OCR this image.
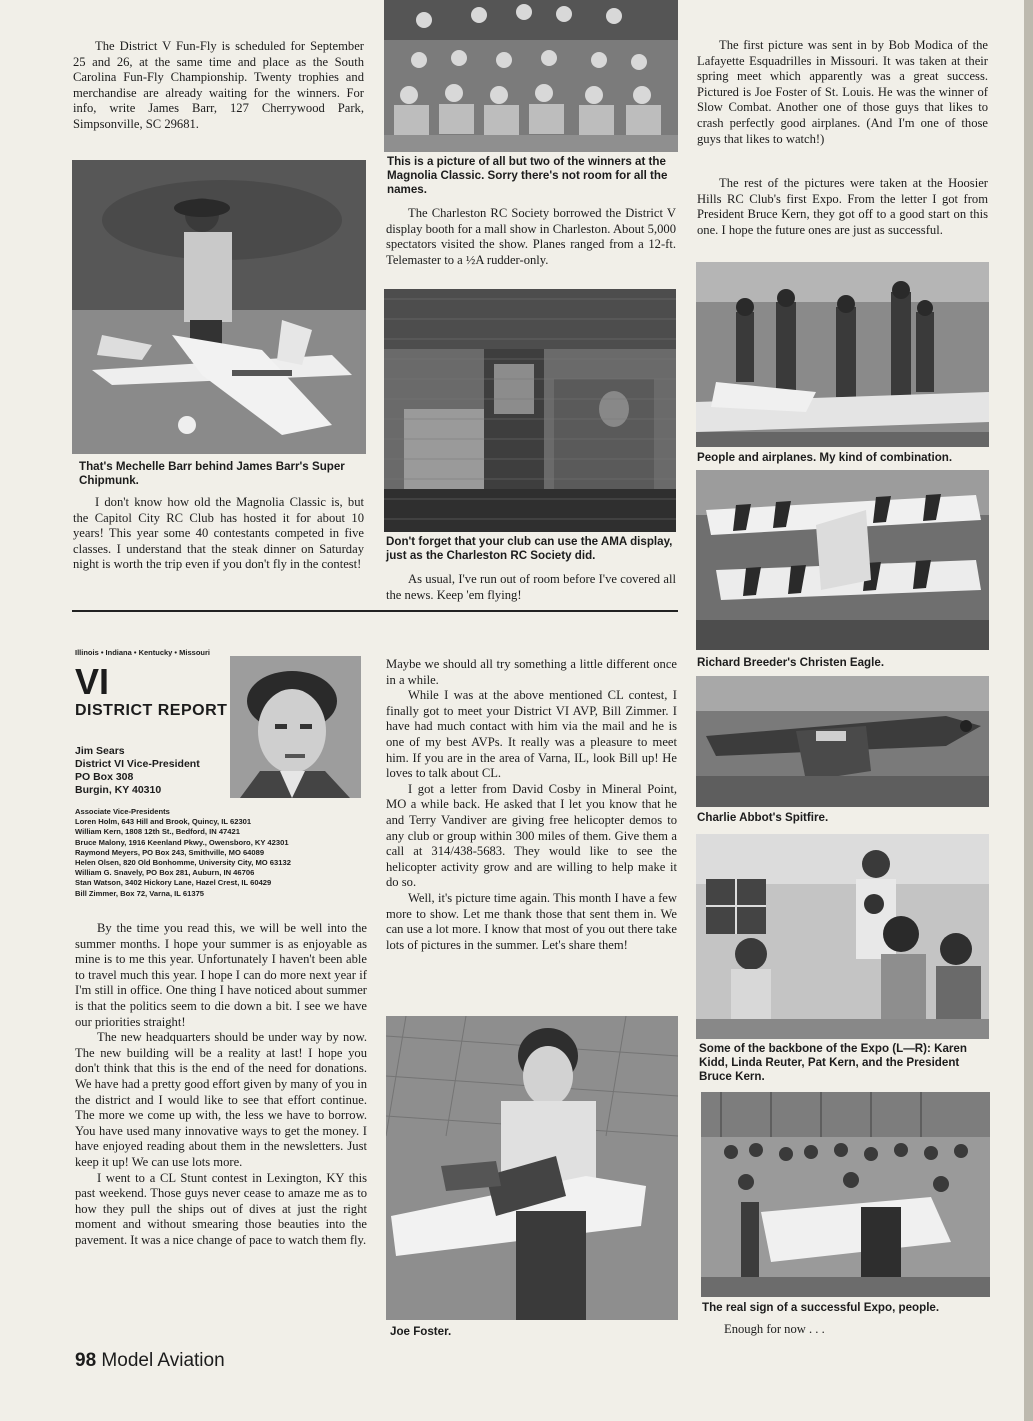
The District V Fun-Fly is scheduled for September 25 and 26, at the same time and place as the South Carolina Fun-Fly Championship. Twenty trophies and merchandise are already waiting for the winners. For info, write James Barr, 127 Cherrywood Park, Simpsonville, SC 29681.

That's Mechelle Barr behind James Barr's Super Chipmunk.

I don't know how old the Magnolia Classic is, but the Capitol City RC Club has hosted it for about 10 years! This year some 40 contestants competed in five classes. I understand that the steak dinner on Saturday night is worth the trip even if you don't fly in the contest!

This is a picture of all but two of the winners at the Magnolia Classic. Sorry there's not room for all the names.

The Charleston RC Society borrowed the District V display booth for a mall show in Charleston. About 5,000 spectators visited the show. Planes ranged from a 12-ft. Telemaster to a ½A rudder-only.

Don't forget that your club can use the AMA display, just as the Charleston RC Society did.

As usual, I've run out of room before I've covered all the news. Keep 'em flying!

The first picture was sent in by Bob Modica of the Lafayette Esquadrilles in Missouri. It was taken at their spring meet which apparently was a great success. Pictured is Joe Foster of St. Louis. He was the winner of Slow Combat. Another one of those guys that likes to crash perfectly good airplanes. (And I'm one of those guys that likes to watch!)

The rest of the pictures were taken at the Hoosier Hills RC Club's first Expo. From the letter I got from President Bruce Kern, they got off to a good start on this one. I hope the future ones are just as successful.

People and airplanes. My kind of combination.

Richard Breeder's Christen Eagle.

Charlie Abbot's Spitfire.

Some of the backbone of the Expo (L—R): Karen Kidd, Linda Reuter, Pat Kern, and the President Bruce Kern.

The real sign of a successful Expo, people.

Enough for now . . .

Illinois • Indiana • Kentucky • Missouri
VI
DISTRICT REPORT
Jim Sears
District VI Vice-President
PO Box 308
Burgin, KY 40310
Associate Vice-Presidents
Loren Holm, 643 Hill and Brook, Quincy, IL 62301
William Kern, 1808 12th St., Bedford, IN 47421
Bruce Malony, 1916 Keenland Pkwy., Owensboro, KY 42301
Raymond Meyers, PO Box 243, Smithville, MO 64089
Helen Olsen, 820 Old Bonhomme, University City, MO 63132
William G. Snavely, PO Box 281, Auburn, IN 46706
Stan Watson, 3402 Hickory Lane, Hazel Crest, IL 60429
Bill Zimmer, Box 72, Varna, IL 61375

By the time you read this, we will be well into the summer months. I hope your summer is as enjoyable as mine is to me this year. Unfortunately I haven't been able to travel much this year. I hope I can do more next year if I'm still in office. One thing I have noticed about summer is that the politics seem to die down a bit. I see we have our priorities straight!

The new headquarters should be under way by now. The new building will be a reality at last! I hope you don't think that this is the end of the need for donations. We have had a pretty good effort given by many of you in the district and I would like to see that effort continue. The more we come up with, the less we have to borrow. You have used many innovative ways to get the money. I have enjoyed reading about them in the newsletters. Just keep it up! We can use lots more.

I went to a CL Stunt contest in Lexington, KY this past weekend. Those guys never cease to amaze me as to how they pull the ships out of dives at just the right moment and without smearing those beauties into the pavement. It was a nice change of pace to watch them fly.

Maybe we should all try something a little different once in a while.

While I was at the above mentioned CL contest, I finally got to meet your District VI AVP, Bill Zimmer. I have had much contact with him via the mail and he is one of my best AVPs. It really was a pleasure to meet him. If you are in the area of Varna, IL, look Bill up! He loves to talk about CL.

I got a letter from David Cosby in Mineral Point, MO a while back. He asked that I let you know that he and Terry Vandiver are giving free helicopter demos to any club or group within 300 miles of them. Give them a call at 314/438-5683. They would like to see the helicopter activity grow and are willing to help make it do so.

Well, it's picture time again. This month I have a few more to show. Let me thank those that sent them in. We can use a lot more. I know that most of you out there take lots of pictures in the summer. Let's share them!

Joe Foster.

98 Model Aviation
